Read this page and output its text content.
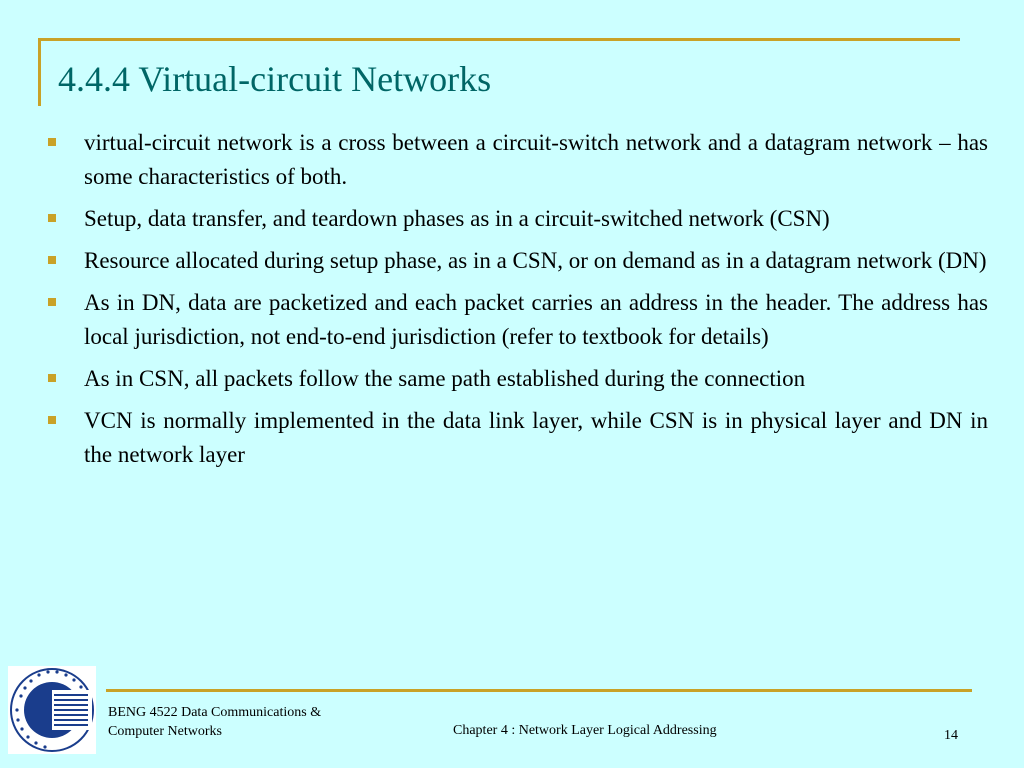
4.4.4 Virtual-circuit Networks
virtual-circuit network is a cross between a circuit-switch network and a datagram network – has some characteristics of both.
Setup, data transfer, and teardown phases as in a circuit-switched network (CSN)
Resource allocated during setup phase, as in a CSN, or on demand as in a datagram network (DN)
As in DN, data are packetized and each packet carries an address in the header. The address has local jurisdiction, not end-to-end jurisdiction (refer to textbook for details)
As in CSN, all packets follow the same path established during the connection
VCN is normally implemented in the data link layer, while CSN is in physical layer and DN in the network layer
BENG 4522 Data Communications &
Computer Networks	Chapter 4 : Network Layer Logical Addressing	14
